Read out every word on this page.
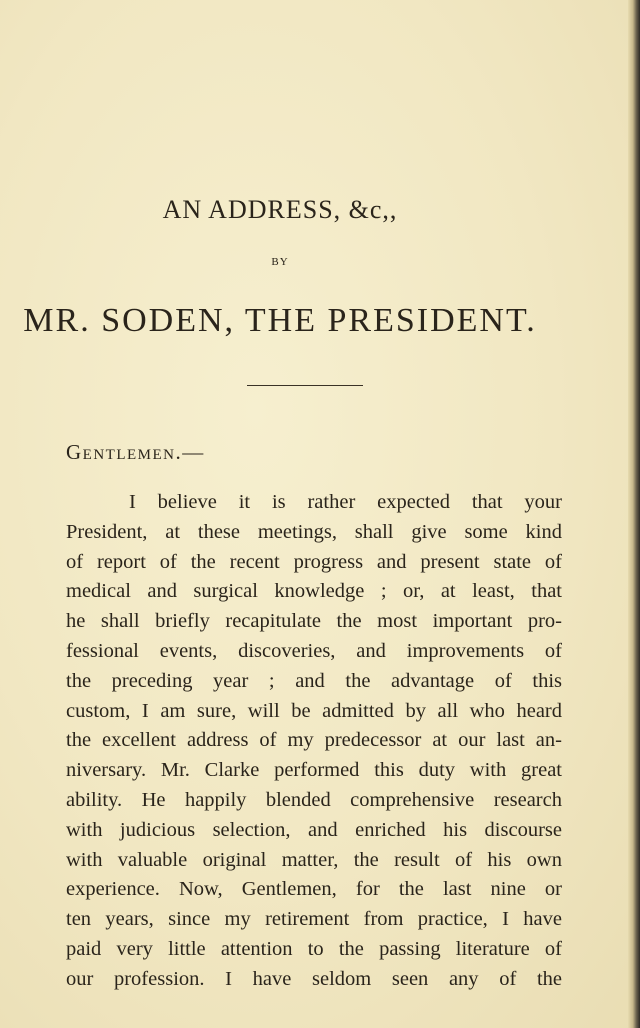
AN ADDRESS, &c,,
BY
MR. SODEN, THE PRESIDENT.
Gentlemen.—
I believe it is rather expected that your
President, at these meetings, shall give some kind
of report of the recent progress and present state of
medical and surgical knowledge ; or, at least, that
he shall briefly recapitulate the most important pro-
fessional events, discoveries, and improvements of
the preceding year ; and the advantage of this
custom, I am sure, will be admitted by all who heard
the excellent address of my predecessor at our last an-
niversary. Mr. Clarke performed this duty with great
ability. He happily blended comprehensive research
with judicious selection, and enriched his discourse
with valuable original matter, the result of his own
experience. Now, Gentlemen, for the last nine or
ten years, since my retirement from practice, I have
paid very little attention to the passing literature of
our profession. I have seldom seen any of the
